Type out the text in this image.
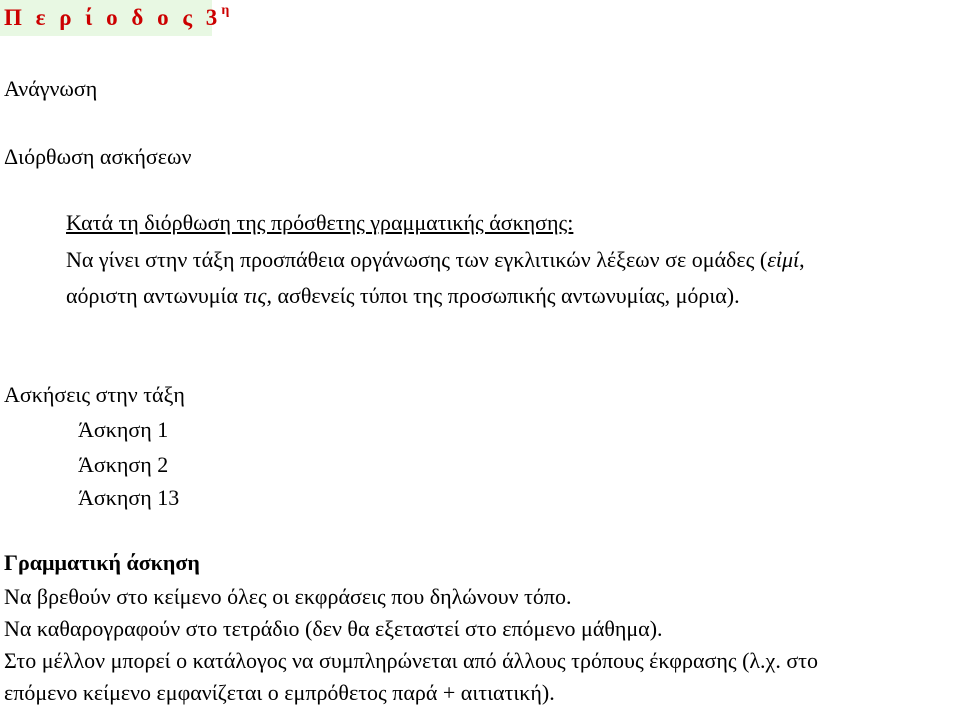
Π ε ρ ί ο δ ο ς $3^\eta$
Ανάγνωση
Διόρθωση ασκήσεων
Κατά τη διόρθωση της πρόσθετης γραμματικής άσκησης:
Να γίνει στην τάξη προσπάθεια οργάνωσης των εγκλιτικών λέξεων σε ομάδες (εἰμί,
αόριστη αντωνυμία τις, ασθενείς τύποι της προσωπικής αντωνυμίας, μόρια).
Ασκήσεις στην τάξη
Άσκηση 1
Άσκηση 2
Άσκηση 13
Γραμματική άσκηση
Να βρεθούν στο κείμενο όλες οι εκφράσεις που δηλώνουν τόπο.
Να καθαρογραφούν στο τετράδιο (δεν θα εξεταστεί στο επόμενο μάθημα).
Στο μέλλον μπορεί ο κατάλογος να συμπληρώνεται από άλλους τρόπους έκφρασης (λ.χ. στο
επόμενο κείμενο εμφανίζεται ο εμπρόθετος παρά + αιτιατική).
